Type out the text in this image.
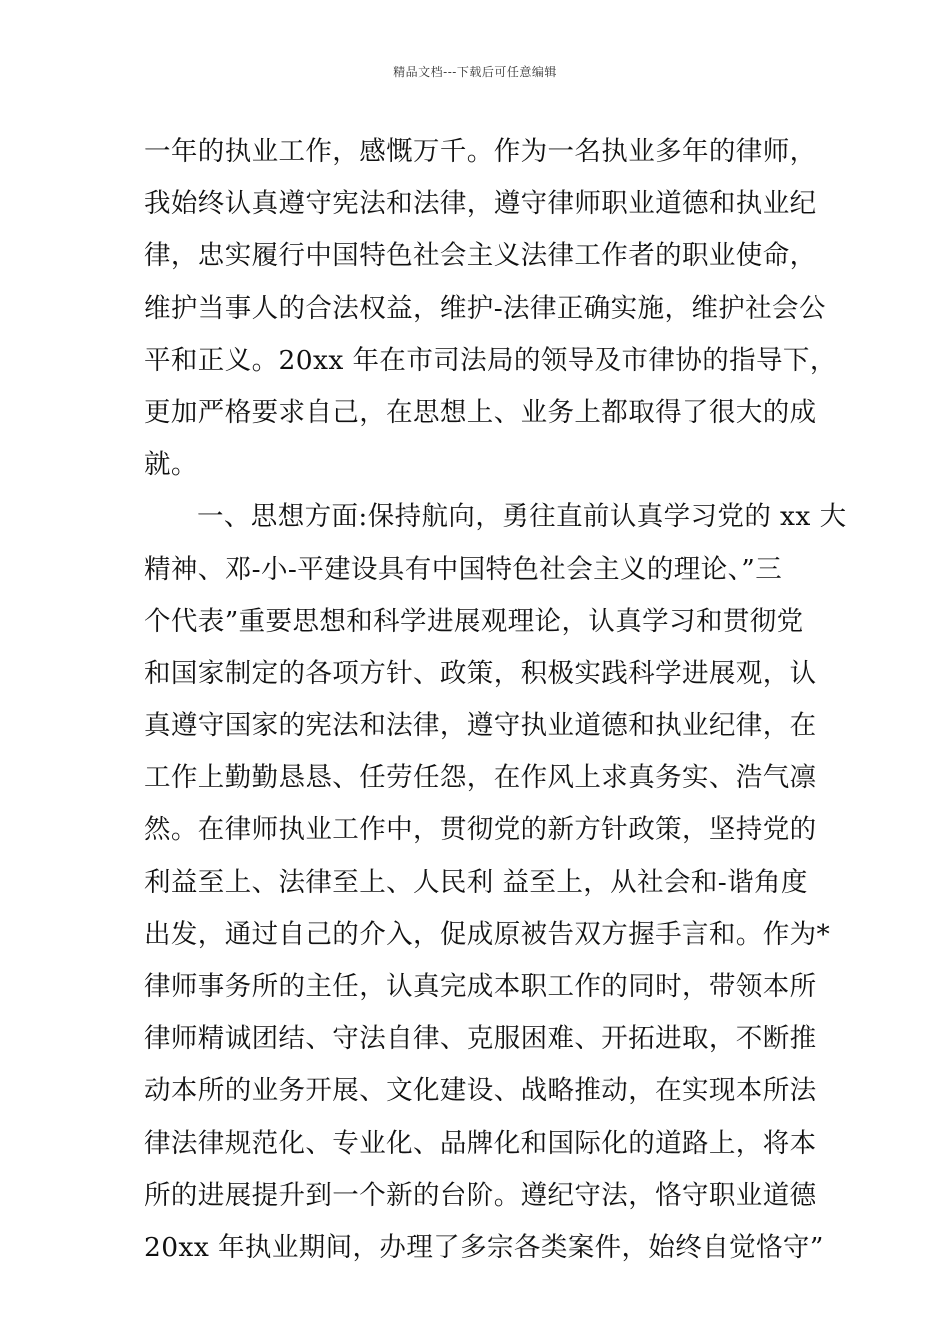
精品文档---下载后可任意编辑
一年的执业工作，感慨万千。作为一名执业多年的律师，
我始终认真遵守宪法和法律，遵守律师职业道德和执业纪
律，忠实履行中国特色社会主义法律工作者的职业使命，
维护当事人的合法权益，维护-法律正确实施，维护社会公
平和正义。20xx 年在市司法局的领导及市律协的指导下，
更加严格要求自己，在思想上、业务上都取得了很大的成
就。
一、思想方面:保持航向，勇往直前认真学习党的 xx 大
精神、邓-小-平建设具有中国特色社会主义的理论、”三
个代表”重要思想和科学进展观理论，认真学习和贯彻党
和国家制定的各项方针、政策，积极实践科学进展观，认
真遵守国家的宪法和法律，遵守执业道德和执业纪律，在
工作上勤勤恳恳、任劳任怨，在作风上求真务实、浩气凛
然。在律师执业工作中，贯彻党的新方针政策，坚持党的
利益至上、法律至上、人民利 益至上，从社会和-谐角度
出发，通过自己的介入，促成原被告双方握手言和。作为*
律师事务所的主任，认真完成本职工作的同时，带领本所
律师精诚团结、守法自律、克服困难、开拓进取，不断推
动本所的业务开展、文化建设、战略推动，在实现本所法
律法律规范化、专业化、品牌化和国际化的道路上，将本
所的进展提升到一个新的台阶。遵纪守法，恪守职业道德
20xx 年执业期间，办理了多宗各类案件，始终自觉恪守”
